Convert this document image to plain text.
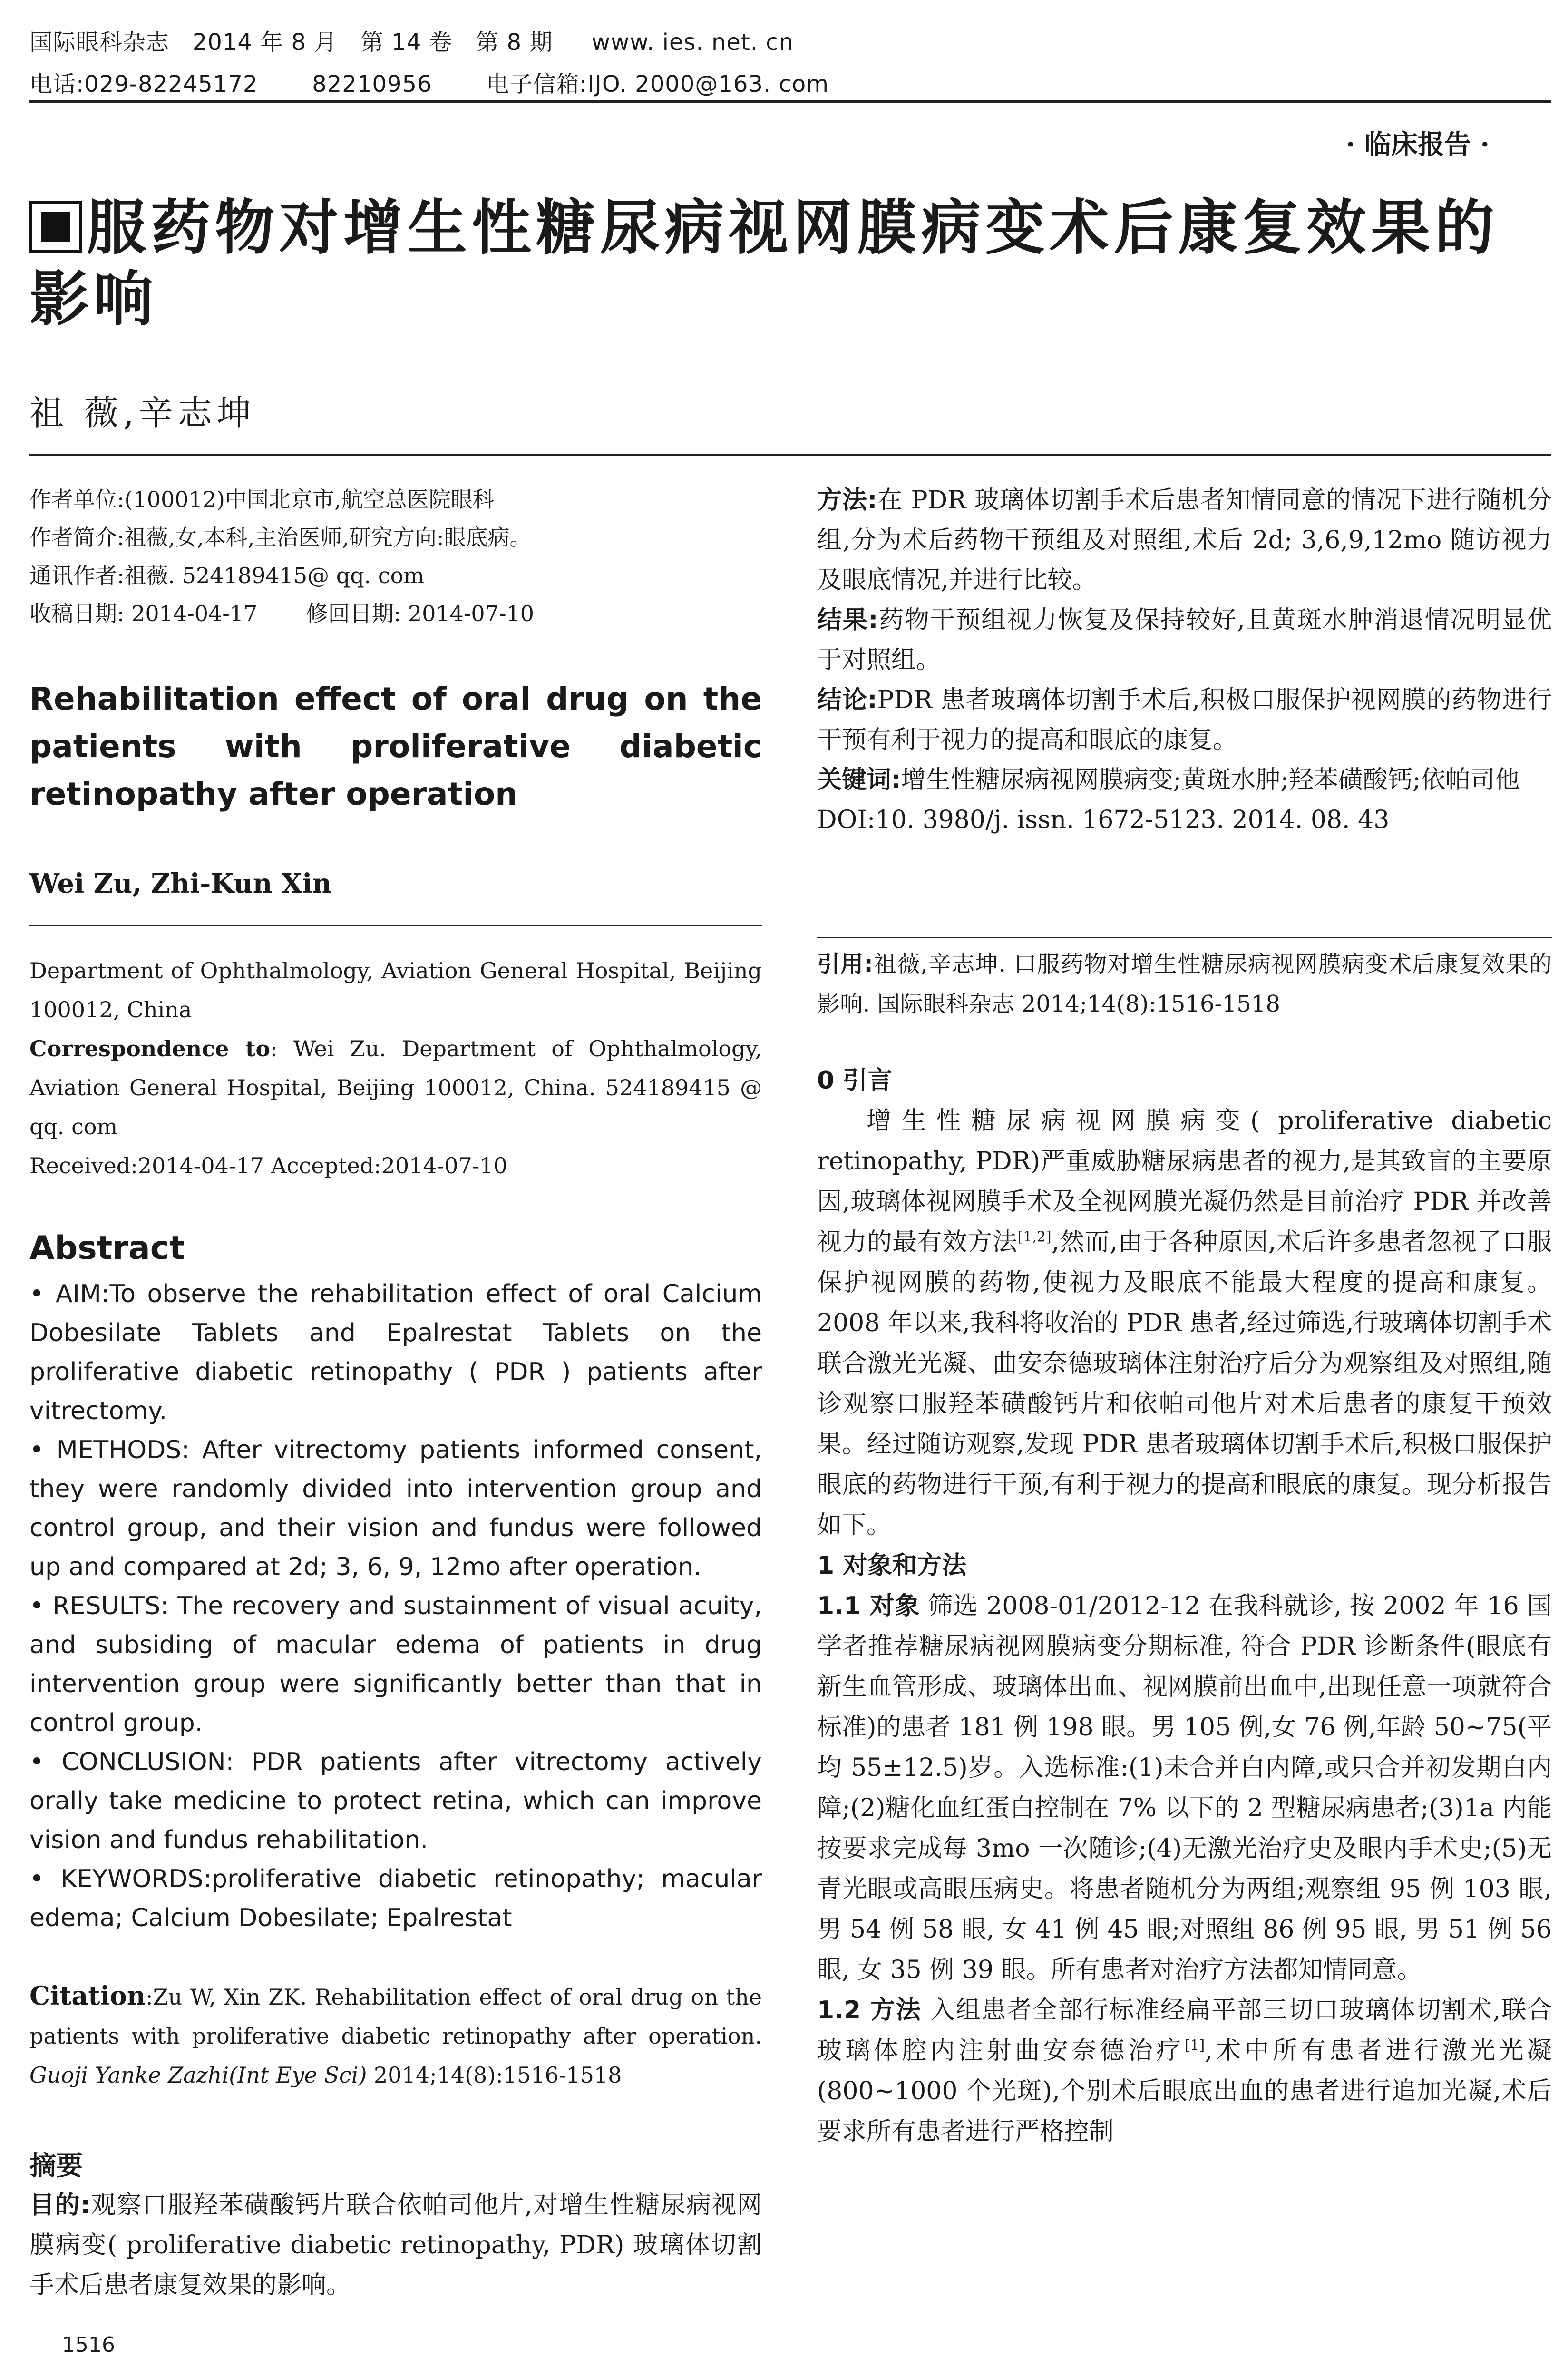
国际眼科杂志   2014 年 8 月   第 14 卷   第 8 期     www. ies. net. cn
电话:029-82245172       82210956       电子信箱:IJO. 2000@163. com
· 临床报告 ·
服药物对增生性糖尿病视网膜病变术后康复效果的影响
祖 薇,辛志坤
作者单位:(100012)中国北京市,航空总医院眼科
作者简介:祖薇,女,本科,主治医师,研究方向:眼底病。
通讯作者:祖薇. 524189415@ qq. com
收稿日期: 2014-04-17       修回日期: 2014-07-10
Rehabilitation effect of oral drug on the patients with proliferative diabetic
retinopathy after operation
Wei Zu, Zhi-Kun Xin

Department of Ophthalmology, Aviation General Hospital, Beijing 100012, China

Correspondence to: Wei Zu. Department of Ophthalmology, Aviation General Hospital, Beijing 100012, China. 524189415 @ qq. com

Received:2014-04-17 Accepted:2014-07-10

Abstract

• AIM:To observe the rehabilitation effect of oral Calcium Dobesilate Tablets and Epalrestat Tablets on the proliferative diabetic retinopathy ( PDR ) patients after vitrectomy.

• METHODS: After vitrectomy patients informed consent, they were randomly divided into intervention group and control group, and their vision and fundus were followed up and compared at 2d; 3, 6, 9, 12mo after operation.

• RESULTS: The recovery and sustainment of visual acuity, and subsiding of macular edema of patients in drug intervention group were significantly better than that in control group.

• CONCLUSION: PDR patients after vitrectomy actively orally take medicine to protect retina, which can improve vision and fundus rehabilitation.

• KEYWORDS:proliferative diabetic retinopathy; macular edema; Calcium Dobesilate; Epalrestat

Citation:Zu W, Xin ZK. Rehabilitation effect of oral drug on the patients with proliferative diabetic retinopathy after operation. Guoji Yanke Zazhi(Int Eye Sci) 2014;14(8):1516-1518
摘要
目的:观察口服羟苯磺酸钙片联合依帕司他片,对增生性糖尿病视网膜病变( proliferative diabetic retinopathy, PDR) 玻璃体切割手术后患者康复效果的影响。
1516

方法:在 PDR 玻璃体切割手术后患者知情同意的情况下进行随机分组,分为术后药物干预组及对照组,术后 2d; 3,6,9,12mo 随访视力及眼底情况,并进行比较。

结果:药物干预组视力恢复及保持较好,且黄斑水肿消退情况明显优于对照组。

结论:PDR 患者玻璃体切割手术后,积极口服保护视网膜的药物进行干预有利于视力的提高和眼底的康复。

关键词:增生性糖尿病视网膜病变;黄斑水肿;羟苯磺酸钙;依帕司他

DOI:10. 3980/j. issn. 1672-5123. 2014. 08. 43

引用:祖薇,辛志坤. 口服药物对增生性糖尿病视网膜病变术后康复效果的影响. 国际眼科杂志 2014;14(8):1516-1518

0 引言

增生性糖尿病视网膜病变( proliferative diabetic retinopathy, PDR)严重威胁糖尿病患者的视力,是其致盲的主要原因,玻璃体视网膜手术及全视网膜光凝仍然是目前治疗 PDR 并改善视力的最有效方法[1,2],然而,由于各种原因,术后许多患者忽视了口服保护视网膜的药物,使视力及眼底不能最大程度的提高和康复。2008 年以来,我科将收治的 PDR 患者,经过筛选,行玻璃体切割手术联合激光光凝、曲安奈德玻璃体注射治疗后分为观察组及对照组,随诊观察口服羟苯磺酸钙片和依帕司他片对术后患者的康复干预效果。经过随访观察,发现 PDR 患者玻璃体切割手术后,积极口服保护眼底的药物进行干预,有利于视力的提高和眼底的康复。现分析报告如下。

1 对象和方法

1.1 对象 筛选 2008-01/2012-12 在我科就诊, 按 2002 年 16 国学者推荐糖尿病视网膜病变分期标准, 符合 PDR 诊断条件(眼底有新生血管形成、玻璃体出血、视网膜前出血中,出现任意一项就符合标准)的患者 181 例 198 眼。男 105 例,女 76 例,年龄 50~75(平均 55±12.5)岁。入选标准:(1)未合并白内障,或只合并初发期白内障;(2)糖化血红蛋白控制在 7% 以下的 2 型糖尿病患者;(3)1a 内能按要求完成每 3mo 一次随诊;(4)无激光治疗史及眼内手术史;(5)无青光眼或高眼压病史。将患者随机分为两组;观察组 95 例 103 眼, 男 54 例 58 眼, 女 41 例 45 眼;对照组 86 例 95 眼, 男 51 例 56 眼, 女 35 例 39 眼。所有患者对治疗方法都知情同意。

1.2 方法 入组患者全部行标准经扁平部三切口玻璃体切割术,联合玻璃体腔内注射曲安奈德治疗[1],术中所有患者进行激光光凝(800~1000 个光斑),个别术后眼底出血的患者进行追加光凝,术后要求所有患者进行严格控制
